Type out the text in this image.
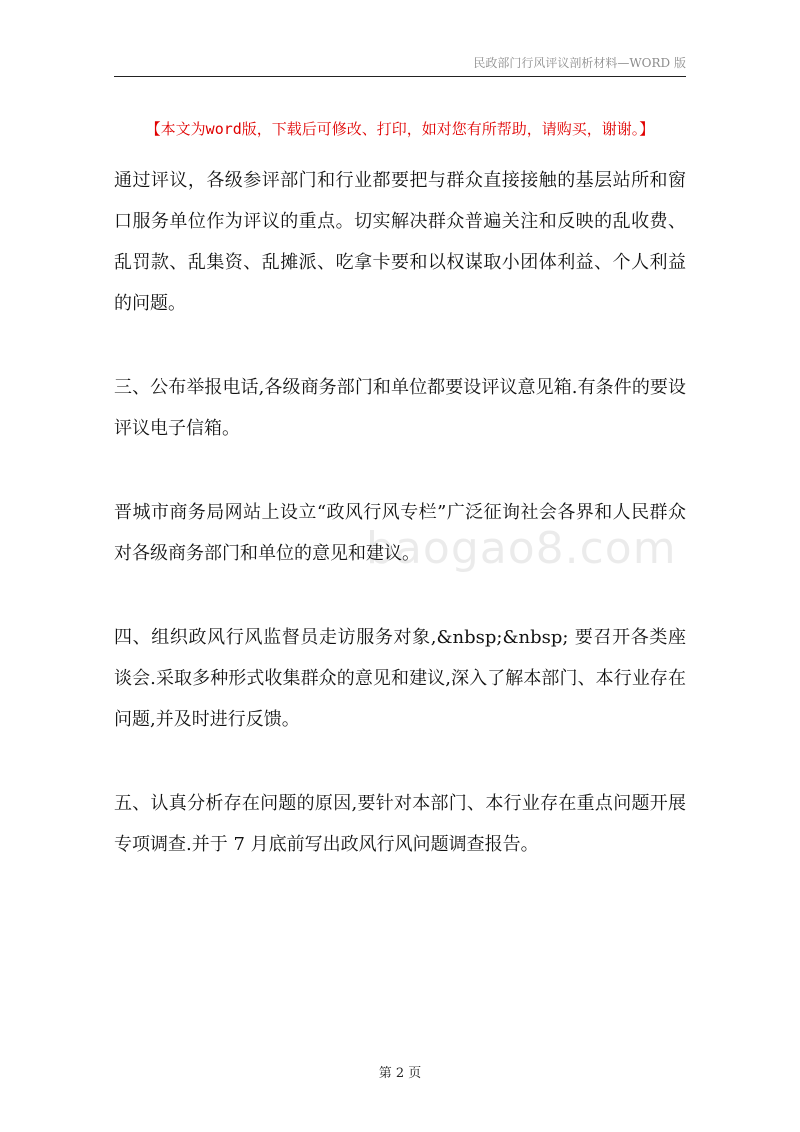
民政部门行风评议剖析材料—WORD 版
【本文为word版，下载后可修改、打印，如对您有所帮助，请购买，谢谢。】

通过评议，各级参评部门和行业都要把与群众直接接触的基层站所和窗口服务单位作为评议的重点。切实解决群众普遍关注和反映的乱收费、乱罚款、乱集资、乱摊派、吃拿卡要和以权谋取小团体利益、个人利益的问题。

三、公布举报电话,各级商务部门和单位都要设评议意见箱.有条件的要设评议电子信箱。

晋城市商务局网站上设立“政风行风专栏”广泛征询社会各界和人民群众对各级商务部门和单位的意见和建议。

四、组织政风行风监督员走访服务对象,&nbsp;&nbsp; 要召开各类座谈会.采取多种形式收集群众的意见和建议,深入了解本部门、本行业存在问题,并及时进行反馈。

五、认真分析存在问题的原因,要针对本部门、本行业存在重点问题开展专项调查.并于 7 月底前写出政风行风问题调查报告。

baogao8.com
第 2 页
